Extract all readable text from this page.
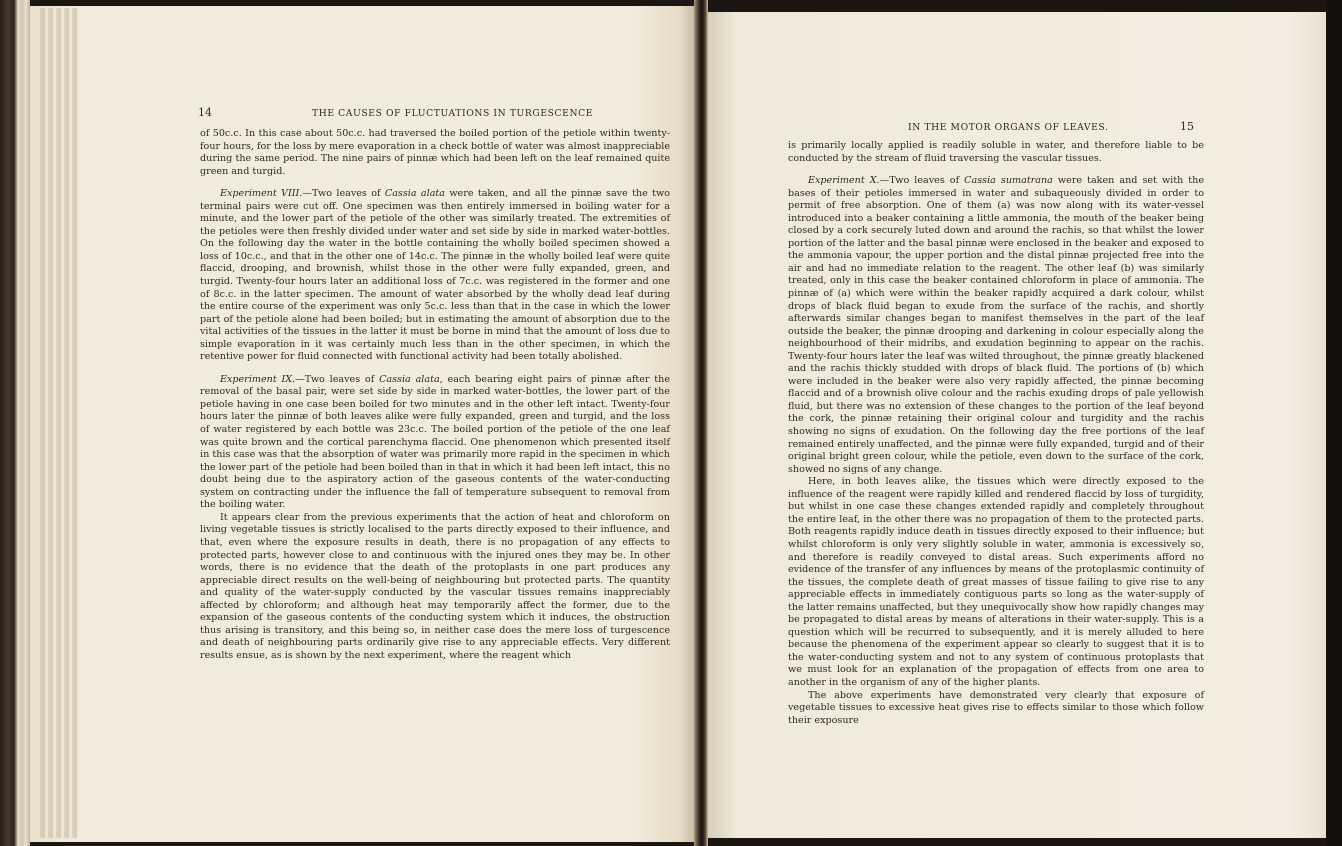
14	THE CAUSES OF FLUCTUATIONS IN TURGESCENCE
IN THE MOTOR ORGANS OF LEAVES.	15

of 50c.c. In this case about 50c.c. had traversed the boiled portion of the petiole within twenty-four hours, for the loss by mere evaporation in a check bottle of water was almost inappreciable during the same period. The nine pairs of pinnæ which had been left on the leaf remained quite green and turgid.

Experiment VIII.—Two leaves of Cassia alata were taken, and all the pinnæ save the two terminal pairs were cut off. One specimen was then entirely immersed in boiling water for a minute, and the lower part of the petiole of the other was similarly treated. The extremities of the petioles were then freshly divided under water and set side by side in marked water-bottles. On the following day the water in the bottle containing the wholly boiled specimen showed a loss of 10c.c., and that in the other one of 14c.c. The pinnæ in the wholly boiled leaf were quite flaccid, drooping, and brownish, whilst those in the other were fully expanded, green, and turgid. Twenty-four hours later an additional loss of 7c.c. was registered in the former and one of 8c.c. in the latter specimen. The amount of water absorbed by the wholly dead leaf during the entire course of the experiment was only 5c.c. less than that in the case in which the lower part of the petiole alone had been boiled; but in estimating the amount of absorption due to the vital activities of the tissues in the latter it must be borne in mind that the amount of loss due to simple evaporation in it was certainly much less than in the other specimen, in which the retentive power for fluid connected with functional activity had been totally abolished.

Experiment IX.—Two leaves of Cassia alata, each bearing eight pairs of pinnæ after the removal of the basal pair, were set side by side in marked water-bottles, the lower part of the petiole having in one case been boiled for two minutes and in the other left intact. Twenty-four hours later the pinnæ of both leaves alike were fully expanded, green and turgid, and the loss of water registered by each bottle was 23c.c. The boiled portion of the petiole of the one leaf was quite brown and the cortical parenchyma flaccid. One phenomenon which presented itself in this case was that the absorption of water was primarily more rapid in the specimen in which the lower part of the petiole had been boiled than in that in which it had been left intact, this no doubt being due to the aspiratory action of the gaseous contents of the water-conducting system on contracting under the influence the fall of temperature subsequent to removal from the boiling water.

It appears clear from the previous experiments that the action of heat and chloroform on living vegetable tissues is strictly localised to the parts directly exposed to their influence, and that, even where the exposure results in death, there is no propagation of any effects to protected parts, however close to and continuous with the injured ones they may be. In other words, there is no evidence that the death of the protoplasts in one part produces any appreciable direct results on the well-being of neighbouring but protected parts. The quantity and quality of the water-supply conducted by the vascular tissues remains inappreciably affected by chloroform; and although heat may temporarily affect the former, due to the expansion of the gaseous contents of the conducting system which it induces, the obstruction thus arising is transitory, and this being so, in neither case does the mere loss of turgescence and death of neighbouring parts ordinarily give rise to any appreciable effects. Very different results ensue, as is shown by the next experiment, where the reagent which

is primarily locally applied is readily soluble in water, and therefore liable to be conducted by the stream of fluid traversing the vascular tissues.

Experiment X.—Two leaves of Cassia sumatrana were taken and set with the bases of their petioles immersed in water and subaqueously divided in order to permit of free absorption. One of them (a) was now along with its water-vessel introduced into a beaker containing a little ammonia, the mouth of the beaker being closed by a cork securely luted down and around the rachis, so that whilst the lower portion of the latter and the basal pinnæ were enclosed in the beaker and exposed to the ammonia vapour, the upper portion and the distal pinnæ projected free into the air and had no immediate relation to the reagent. The other leaf (b) was similarly treated, only in this case the beaker contained chloroform in place of ammonia. The pinnæ of (a) which were within the beaker rapidly acquired a dark colour, whilst drops of black fluid began to exude from the surface of the rachis, and shortly afterwards similar changes began to manifest themselves in the part of the leaf outside the beaker, the pinnæ drooping and darkening in colour especially along the neighbourhood of their midribs, and exudation beginning to appear on the rachis. Twenty-four hours later the leaf was wilted throughout, the pinnæ greatly blackened and the rachis thickly studded with drops of black fluid. The portions of (b) which were included in the beaker were also very rapidly affected, the pinnæ becoming flaccid and of a brownish olive colour and the rachis exuding drops of pale yellowish fluid, but there was no extension of these changes to the portion of the leaf beyond the cork, the pinnæ retaining their original colour and turgidity and the rachis showing no signs of exudation. On the following day the free portions of the leaf remained entirely unaffected, and the pinnæ were fully expanded, turgid and of their original bright green colour, while the petiole, even down to the surface of the cork, showed no signs of any change.

Here, in both leaves alike, the tissues which were directly exposed to the influence of the reagent were rapidly killed and rendered flaccid by loss of turgidity, but whilst in one case these changes extended rapidly and completely throughout the entire leaf, in the other there was no propagation of them to the protected parts. Both reagents rapidly induce death in tissues directly exposed to their influence; but whilst chloroform is only very slightly soluble in water, ammonia is excessively so, and therefore is readily conveyed to distal areas. Such experiments afford no evidence of the transfer of any influences by means of the protoplasmic continuity of the tissues, the complete death of great masses of tissue failing to give rise to any appreciable effects in immediately contiguous parts so long as the water-supply of the latter remains unaffected, but they unequivocally show how rapidly changes may be propagated to distal areas by means of alterations in their water-supply. This is a question which will be recurred to subsequently, and it is merely alluded to here because the phenomena of the experiment appear so clearly to suggest that it is to the water-conducting system and not to any system of continuous protoplasts that we must look for an explanation of the propagation of effects from one area to another in the organism of any of the higher plants.

The above experiments have demonstrated very clearly that exposure of vegetable tissues to excessive heat gives rise to effects similar to those which follow their exposure
